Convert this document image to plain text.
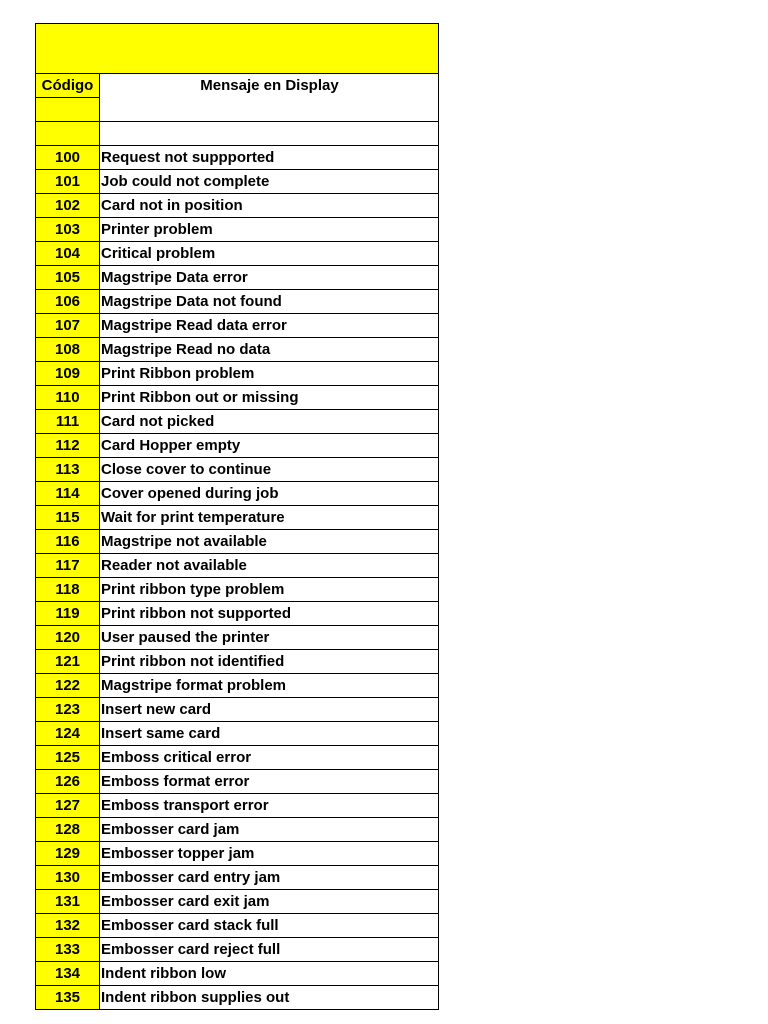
Código	Mensaje en Display

100	Request not suppported
101	Job could not complete
102	Card not in position
103	Printer problem
104	Critical problem
105	Magstripe Data error
106	Magstripe Data not found
107	Magstripe Read data error
108	Magstripe Read no data
109	Print Ribbon problem
110	Print Ribbon out or missing
111	Card not picked
112	Card Hopper empty
113	Close cover to continue
114	Cover opened during job
115	Wait for print temperature
116	Magstripe not available
117	Reader not available
118	Print ribbon type problem
119	Print ribbon not supported
120	User paused the printer
121	Print ribbon not identified
122	Magstripe format problem
123	Insert new card
124	Insert same card
125	Emboss critical error
126	Emboss format error
127	Emboss transport error
128	Embosser card jam
129	Embosser topper jam
130	Embosser card entry jam
131	Embosser card exit jam
132	Embosser card stack full
133	Embosser card reject full
134	Indent ribbon low
135	Indent ribbon supplies out
